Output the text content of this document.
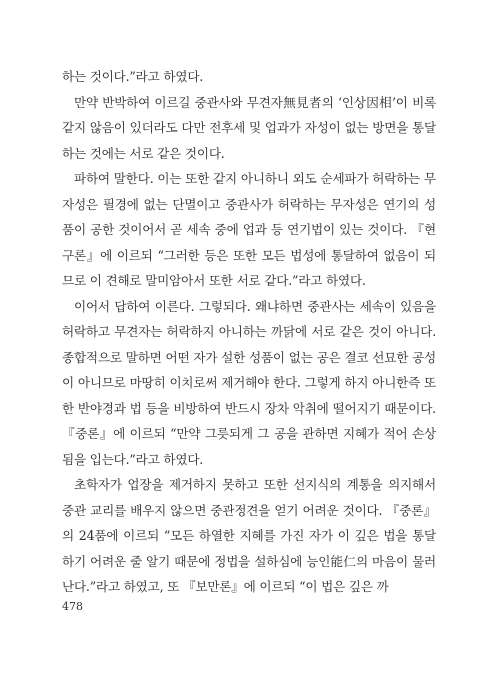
하는 것이다.”라고 하였다.

만약 반박하여 이르길 중관사와 무견자無見者의 ‘인상因相’이 비록 같지 않음이 있더라도 다만 전후세 및 업과가 자성이 없는 방면을 통달하는 것에는 서로 같은 것이다.

파하여 말한다. 이는 또한 같지 아니하니 외도 순세파가 허락하는 무자성은 필경에 없는 단멸이고 중관사가 허락하는 무자성은 연기의 성품이 공한 것이어서 곧 세속 중에 업과 등 연기법이 있는 것이다. 『현구론』에 이르되 “그러한 등은 또한 모든 법성에 통달하여 없음이 되므로 이 견해로 말미암아서 또한 서로 같다.”라고 하였다.

이어서 답하여 이른다. 그렇되다. 왜냐하면 중관사는 세속이 있음을 허락하고 무견자는 허락하지 아니하는 까닭에 서로 같은 것이 아니다. 종합적으로 말하면 어떤 자가 설한 성품이 없는 공은 결코 선묘한 공성이 아니므로 마땅히 이치로써 제거해야 한다. 그렇게 하지 아니한즉 또한 반야경과 법 등을 비방하여 반드시 장차 악취에 떨어지기 때문이다. 『중론』에 이르되 “만약 그릇되게 그 공을 관하면 지혜가 적어 손상됨을 입는다.”라고 하였다.

초학자가 업장을 제거하지 못하고 또한 선지식의 계통을 의지해서 중관 교리를 배우지 않으면 중관정견을 얻기 어려운 것이다. 『중론』의 24품에 이르되 “모든 하열한 지혜를 가진 자가 이 깊은 법을 통달하기 어려운 줄 알기 때문에 정법을 설하심에 능인能仁의 마음이 물러난다.”라고 하였고, 또 『보만론』에 이르되 “이 법은 깊은 까

478
